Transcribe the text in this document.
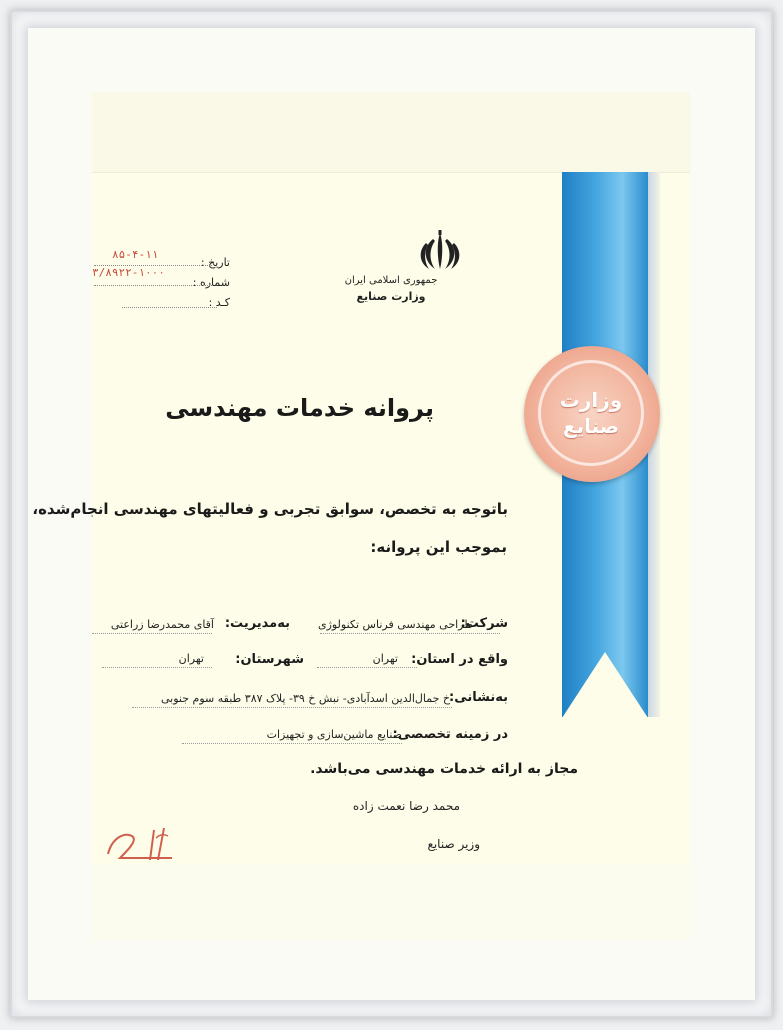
وزارت
صنایع
جمهوری اسلامی ایران
وزارت صنایع
تاریخ :
۸۵-۴-۱۱
شماره :
۳/۸۹۲۲-۱۰۰۰
کـد :
پروانه خدمات مهندسی
باتوجه به تخصص، سوابق تجربی و فعالیتهای مهندسی انجام‌شده،
بموجب این پروانه:
شرکت:
طراحی مهندسی فرناس تکنولوژی
به‌مدیریت:
آقای محمدرضا زراعتی
واقع در استان:
تهران
شهرستان:
تهران
به‌نشانی:
خ جمال‌الدین اسدآبادی- نبش خ ۳۹- پلاک ۳۸۷ طبقه سوم جنوبی
در زمینه تخصصی:
صنایع ماشین‌سازی و تجهیزات
مجاز به ارائه خدمات مهندسی می‌باشد.
محمد رضا نعمت زاده
وزیر صنایع
